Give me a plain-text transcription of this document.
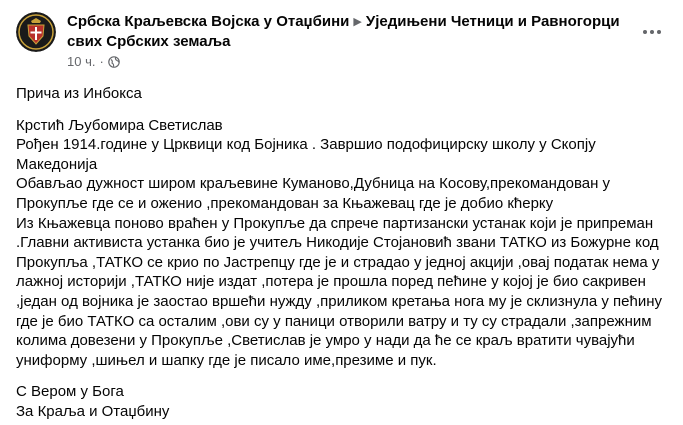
Србска Краљевска Војска у Отаџбини ▶ Уједињени Четници и Равногорци свих Србских земаља
10 ч. ·

Прича из Инбокса

Крстић Љубомира Светислав
Рођен 1914.године у Црквици код Бојника . Завршио подофицирску школу у Скопју Македонија
Обављао дужност широм краљевине Куманово,Дубница на Косову,прекомандован у Прокупље где се и оженио ,прекомандован за Књажевац где је добио кћерку
Из Књажевца поново враћен у Прокупље да спрече партизански устанак који је припреман .Главни активиста устанка био је учитељ Никодије Стојановић звани ТАТКО из Божурне код Прокупља ,ТАТКО се крио по Јастрепцу где је и страдао у једној акцији ,овај податак нема у лажној историји ,ТАТКО није издат ,потера је прошла поред пећине у којој је био сакривен ,један од војника је заостао вршећи нужду ,приликом кретања нога му је склизнула у пећину где је био ТАТКО са осталим ,ови су у паници отворили ватру и ту су страдали ,запрежним колима довезени у Прокупље ,Светислав је умро у нади да ће се краљ вратити чувајући униформу ,шињел и шапку где је писало име,презиме и пук.

С Вером у Бога
За Краља и Отаџбину
